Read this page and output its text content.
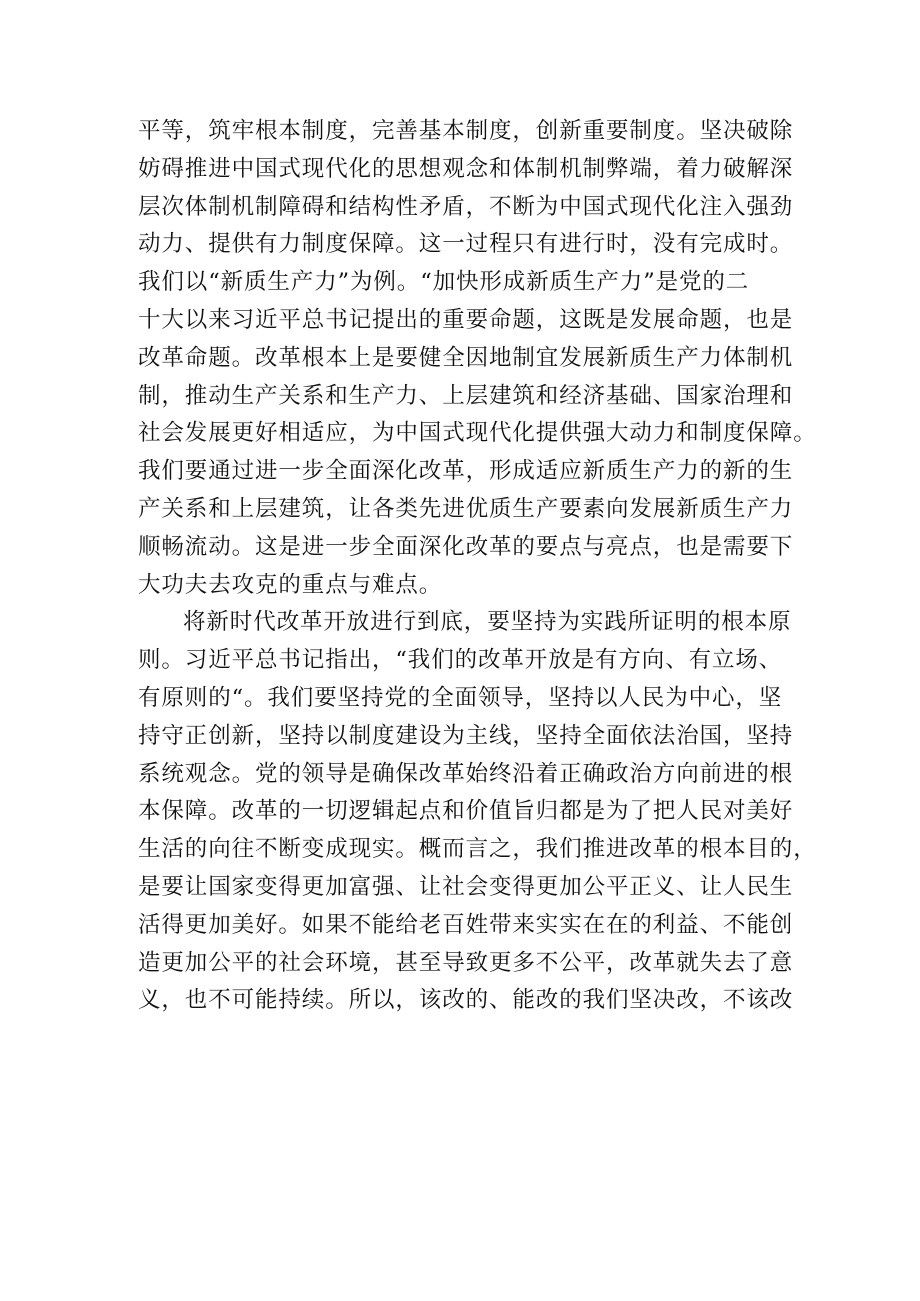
平等，筑牢根本制度，完善基本制度，创新重要制度。坚决破除
妨碍推进中国式现代化的思想观念和体制机制弊端，着力破解深
层次体制机制障碍和结构性矛盾，不断为中国式现代化注入强劲
动力、提供有力制度保障。这一过程只有进行时，没有完成时。
我们以“新质生产力”为例。“加快形成新质生产力”是党的二
十大以来习近平总书记提出的重要命题，这既是发展命题，也是
改革命题。改革根本上是要健全因地制宜发展新质生产力体制机
制，推动生产关系和生产力、上层建筑和经济基础、国家治理和
社会发展更好相适应，为中国式现代化提供强大动力和制度保障。
我们要通过进一步全面深化改革，形成适应新质生产力的新的生
产关系和上层建筑，让各类先进优质生产要素向发展新质生产力
顺畅流动。这是进一步全面深化改革的要点与亮点，也是需要下
大功夫去攻克的重点与难点。
将新时代改革开放进行到底，要坚持为实践所证明的根本原
则。习近平总书记指出，“我们的改革开放是有方向、有立场、
有原则的“。我们要坚持党的全面领导，坚持以人民为中心，坚
持守正创新，坚持以制度建设为主线，坚持全面依法治国，坚持
系统观念。党的领导是确保改革始终沿着正确政治方向前进的根
本保障。改革的一切逻辑起点和价值旨归都是为了把人民对美好
生活的向往不断变成现实。概而言之，我们推进改革的根本目的，
是要让国家变得更加富强、让社会变得更加公平正义、让人民生
活得更加美好。如果不能给老百姓带来实实在在的利益、不能创
造更加公平的社会环境，甚至导致更多不公平，改革就失去了意
义，也不可能持续。所以，该改的、能改的我们坚决改，不该改
